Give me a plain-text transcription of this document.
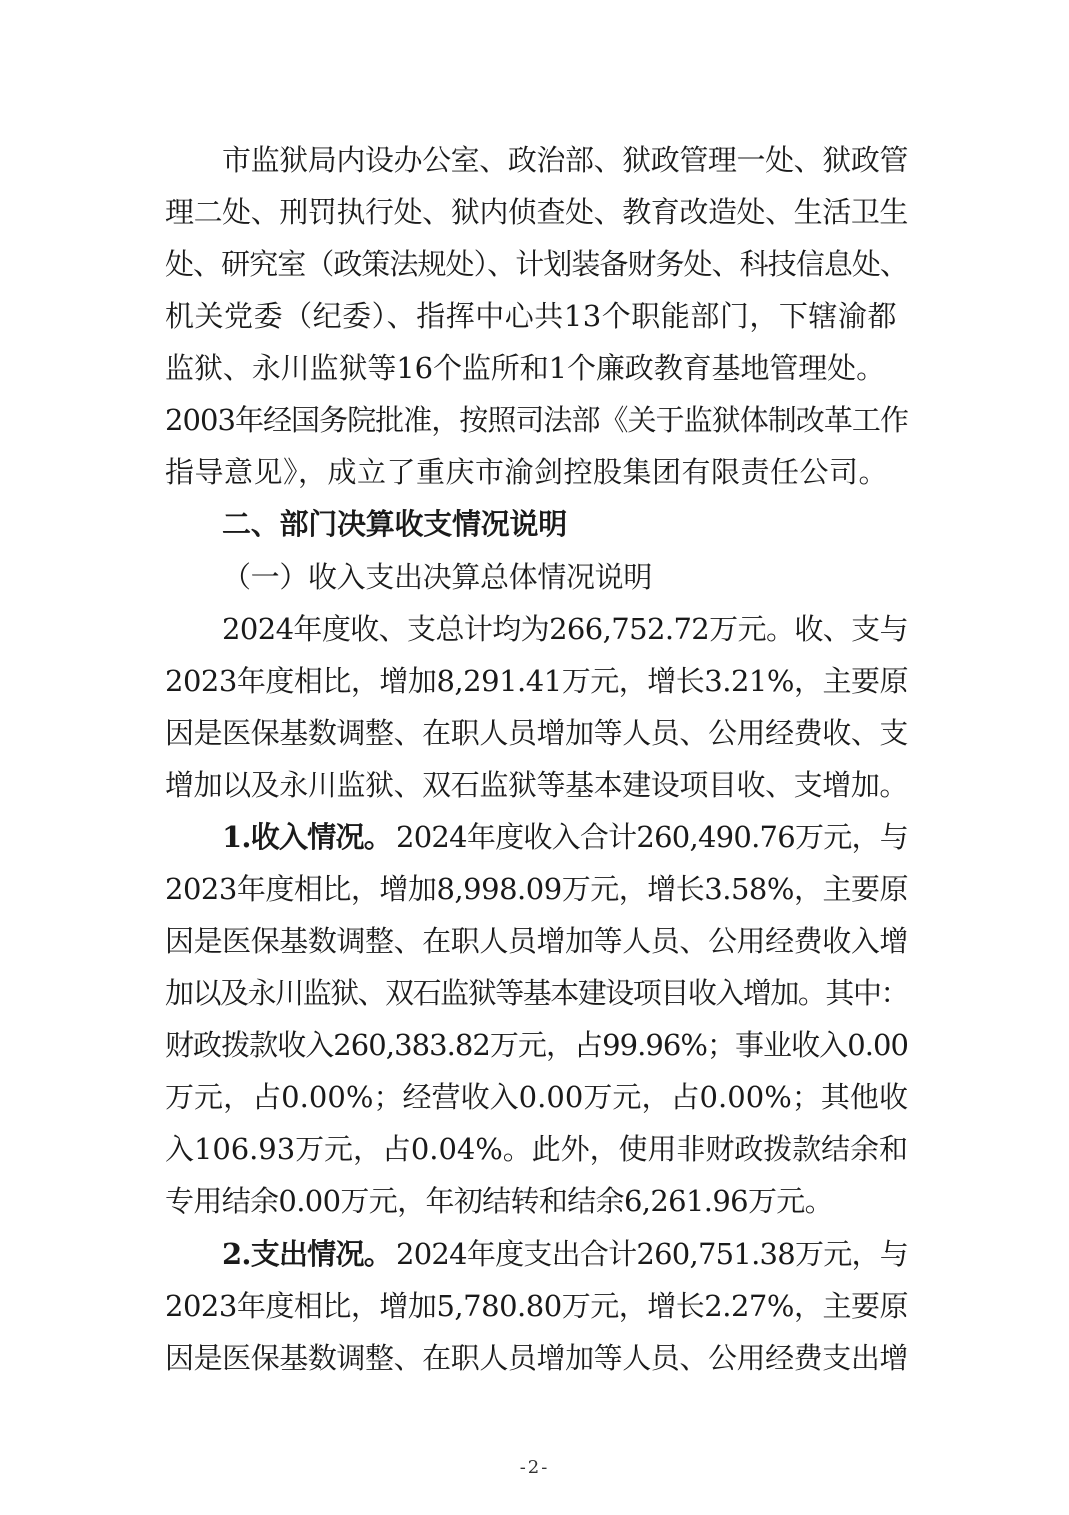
市监狱局内设办公室、政治部、狱政管理一处、狱政管
理二处、刑罚执行处、狱内侦查处、教育改造处、生活卫生
处、研究室（政策法规处）、计划装备财务处、科技信息处、
机关党委（纪委）、指挥中心共13个职能部门，下辖渝都
监狱、永川监狱等16个监所和1个廉政教育基地管理处。
2003年经国务院批准，按照司法部《关于监狱体制改革工作
指导意见》，成立了重庆市渝剑控股集团有限责任公司。
二、部门决算收支情况说明
（一）收入支出决算总体情况说明
2024年度收、支总计均为266,752.72万元。收、支与
2023年度相比，增加8,291.41万元，增长3.21%，主要原
因是医保基数调整、在职人员增加等人员、公用经费收、支
增加以及永川监狱、双石监狱等基本建设项目收、支增加。
1.收入情况。 2024年度收入合计260,490.76万元，与
2023年度相比，增加8,998.09万元，增长3.58%，主要原
因是医保基数调整、在职人员增加等人员、公用经费收入增
加以及永川监狱、双石监狱等基本建设项目收入增加。其中：
财政拨款收入260,383.82万元，占99.96%；事业收入0.00
万元，占0.00%；经营收入0.00万元，占0.00%；其他收
入106.93万元，占0.04%。此外，使用非财政拨款结余和
专用结余0.00万元，年初结转和结余6,261.96万元。
2.支出情况。 2024年度支出合计260,751.38万元，与
2023年度相比，增加5,780.80万元，增长2.27%，主要原
因是医保基数调整、在职人员增加等人员、公用经费支出增
-2-
